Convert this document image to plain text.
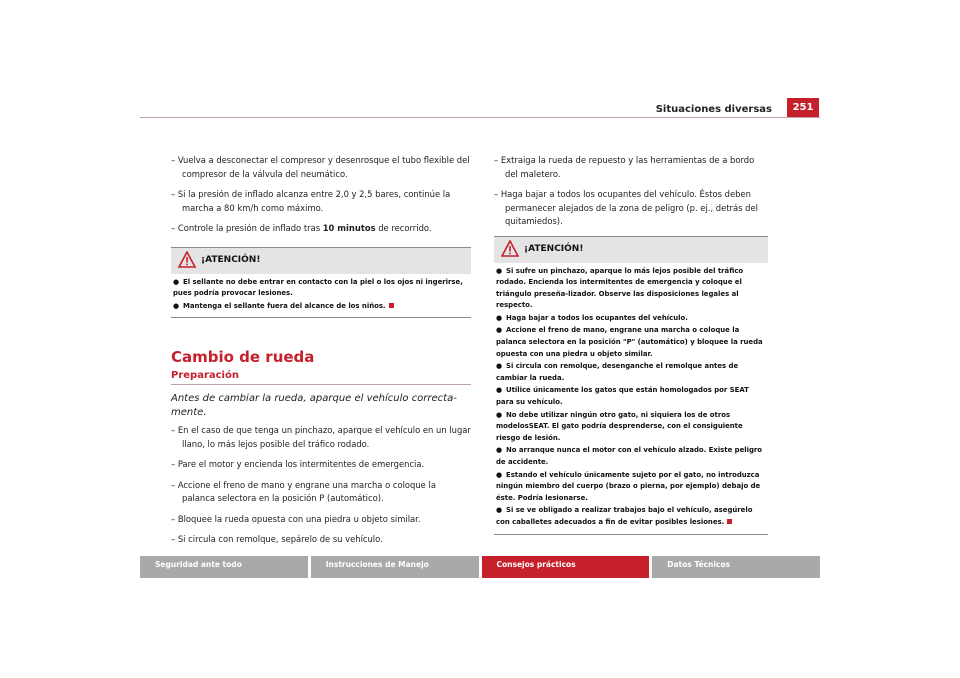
Situaciones diversas	251
– Vuelva a desconectar el compresor y desenrosque el tubo flexible del compresor de la válvula del neumático.
– Si la presión de inflado alcanza entre 2,0 y 2,5 bares, continúe la marcha a 80 km/h como máximo.
– Controle la presión de inflado tras 10 minutos de recorrido.
¡ATENCIÓN!
● El sellante no debe entrar en contacto con la piel o los ojos ni ingerirse, pues podría provocar lesiones.
● Mantenga el sellante fuera del alcance de los niños.
Cambio de rueda
Preparación
Antes de cambiar la rueda, aparque el vehículo correcta-mente.
– En el caso de que tenga un pinchazo, aparque el vehículo en un lugar llano, lo más lejos posible del tráfico rodado.
– Pare el motor y encienda los intermitentes de emergencia.
– Accione el freno de mano y engrane una marcha o coloque la palanca selectora en la posición P (automático).
– Bloquee la rueda opuesta con una piedra u objeto similar.
– Si circula con remolque, sepárelo de su vehículo.
– Extraiga la rueda de repuesto y las herramientas de a bordo del maletero.
– Haga bajar a todos los ocupantes del vehículo. Éstos deben permanecer alejados de la zona de peligro (p. ej., detrás del quitamiedos).
¡ATENCIÓN!
● Si sufre un pinchazo, aparque lo más lejos posible del tráfico rodado. Encienda los intermitentes de emergencia y coloque el triángulo preseña-lizador. Observe las disposiciones legales al respecto.
● Haga bajar a todos los ocupantes del vehículo.
● Accione el freno de mano, engrane una marcha o coloque la palanca selectora en la posición "P" (automático) y bloquee la rueda opuesta con una piedra u objeto similar.
● Si circula con remolque, desenganche el remolque antes de cambiar la rueda.
● Utilice únicamente los gatos que están homologados por SEAT para su vehículo.
● No debe utilizar ningún otro gato, ni siquiera los de otros modelosSEAT. El gato podría desprenderse, con el consiguiente riesgo de lesión.
● No arranque nunca el motor con el vehículo alzado. Existe peligro de accidente.
● Estando el vehículo únicamente sujeto por el gato, no introduzca ningún miembro del cuerpo (brazo o pierna, por ejemplo) debajo de éste. Podría lesionarse.
● Si se ve obligado a realizar trabajos bajo el vehículo, asegúrelo con caballetes adecuados a fin de evitar posibles lesiones.
Seguridad ante todo	Instrucciones de Manejo	Consejos prácticos	Datos Técnicos
